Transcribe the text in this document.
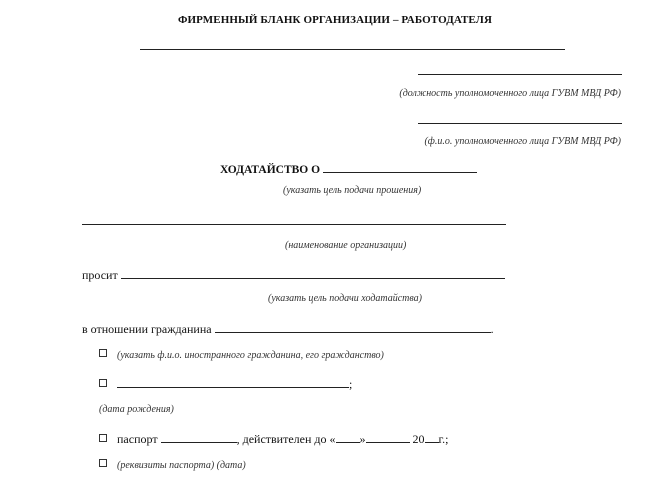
ФИРМЕННЫЙ БЛАНК ОРГАНИЗАЦИИ – РАБОТОДАТЕЛЯ
(должность уполномоченного лица ГУВМ МВД РФ)
(ф.и.о. уполномоченного лица ГУВМ МВД РФ)
ХОДАТАЙСТВО О
(указать цель подачи прошения)
(наименование организации)
просит
(указать цель подачи ходатайства)
в отношении гражданина	.
(указать ф.и.о. иностранного гражданина, его гражданство)
;
(дата рождения)
паспорт	, действителен до « »	20 г.;
(реквизиты паспорта) (дата)
